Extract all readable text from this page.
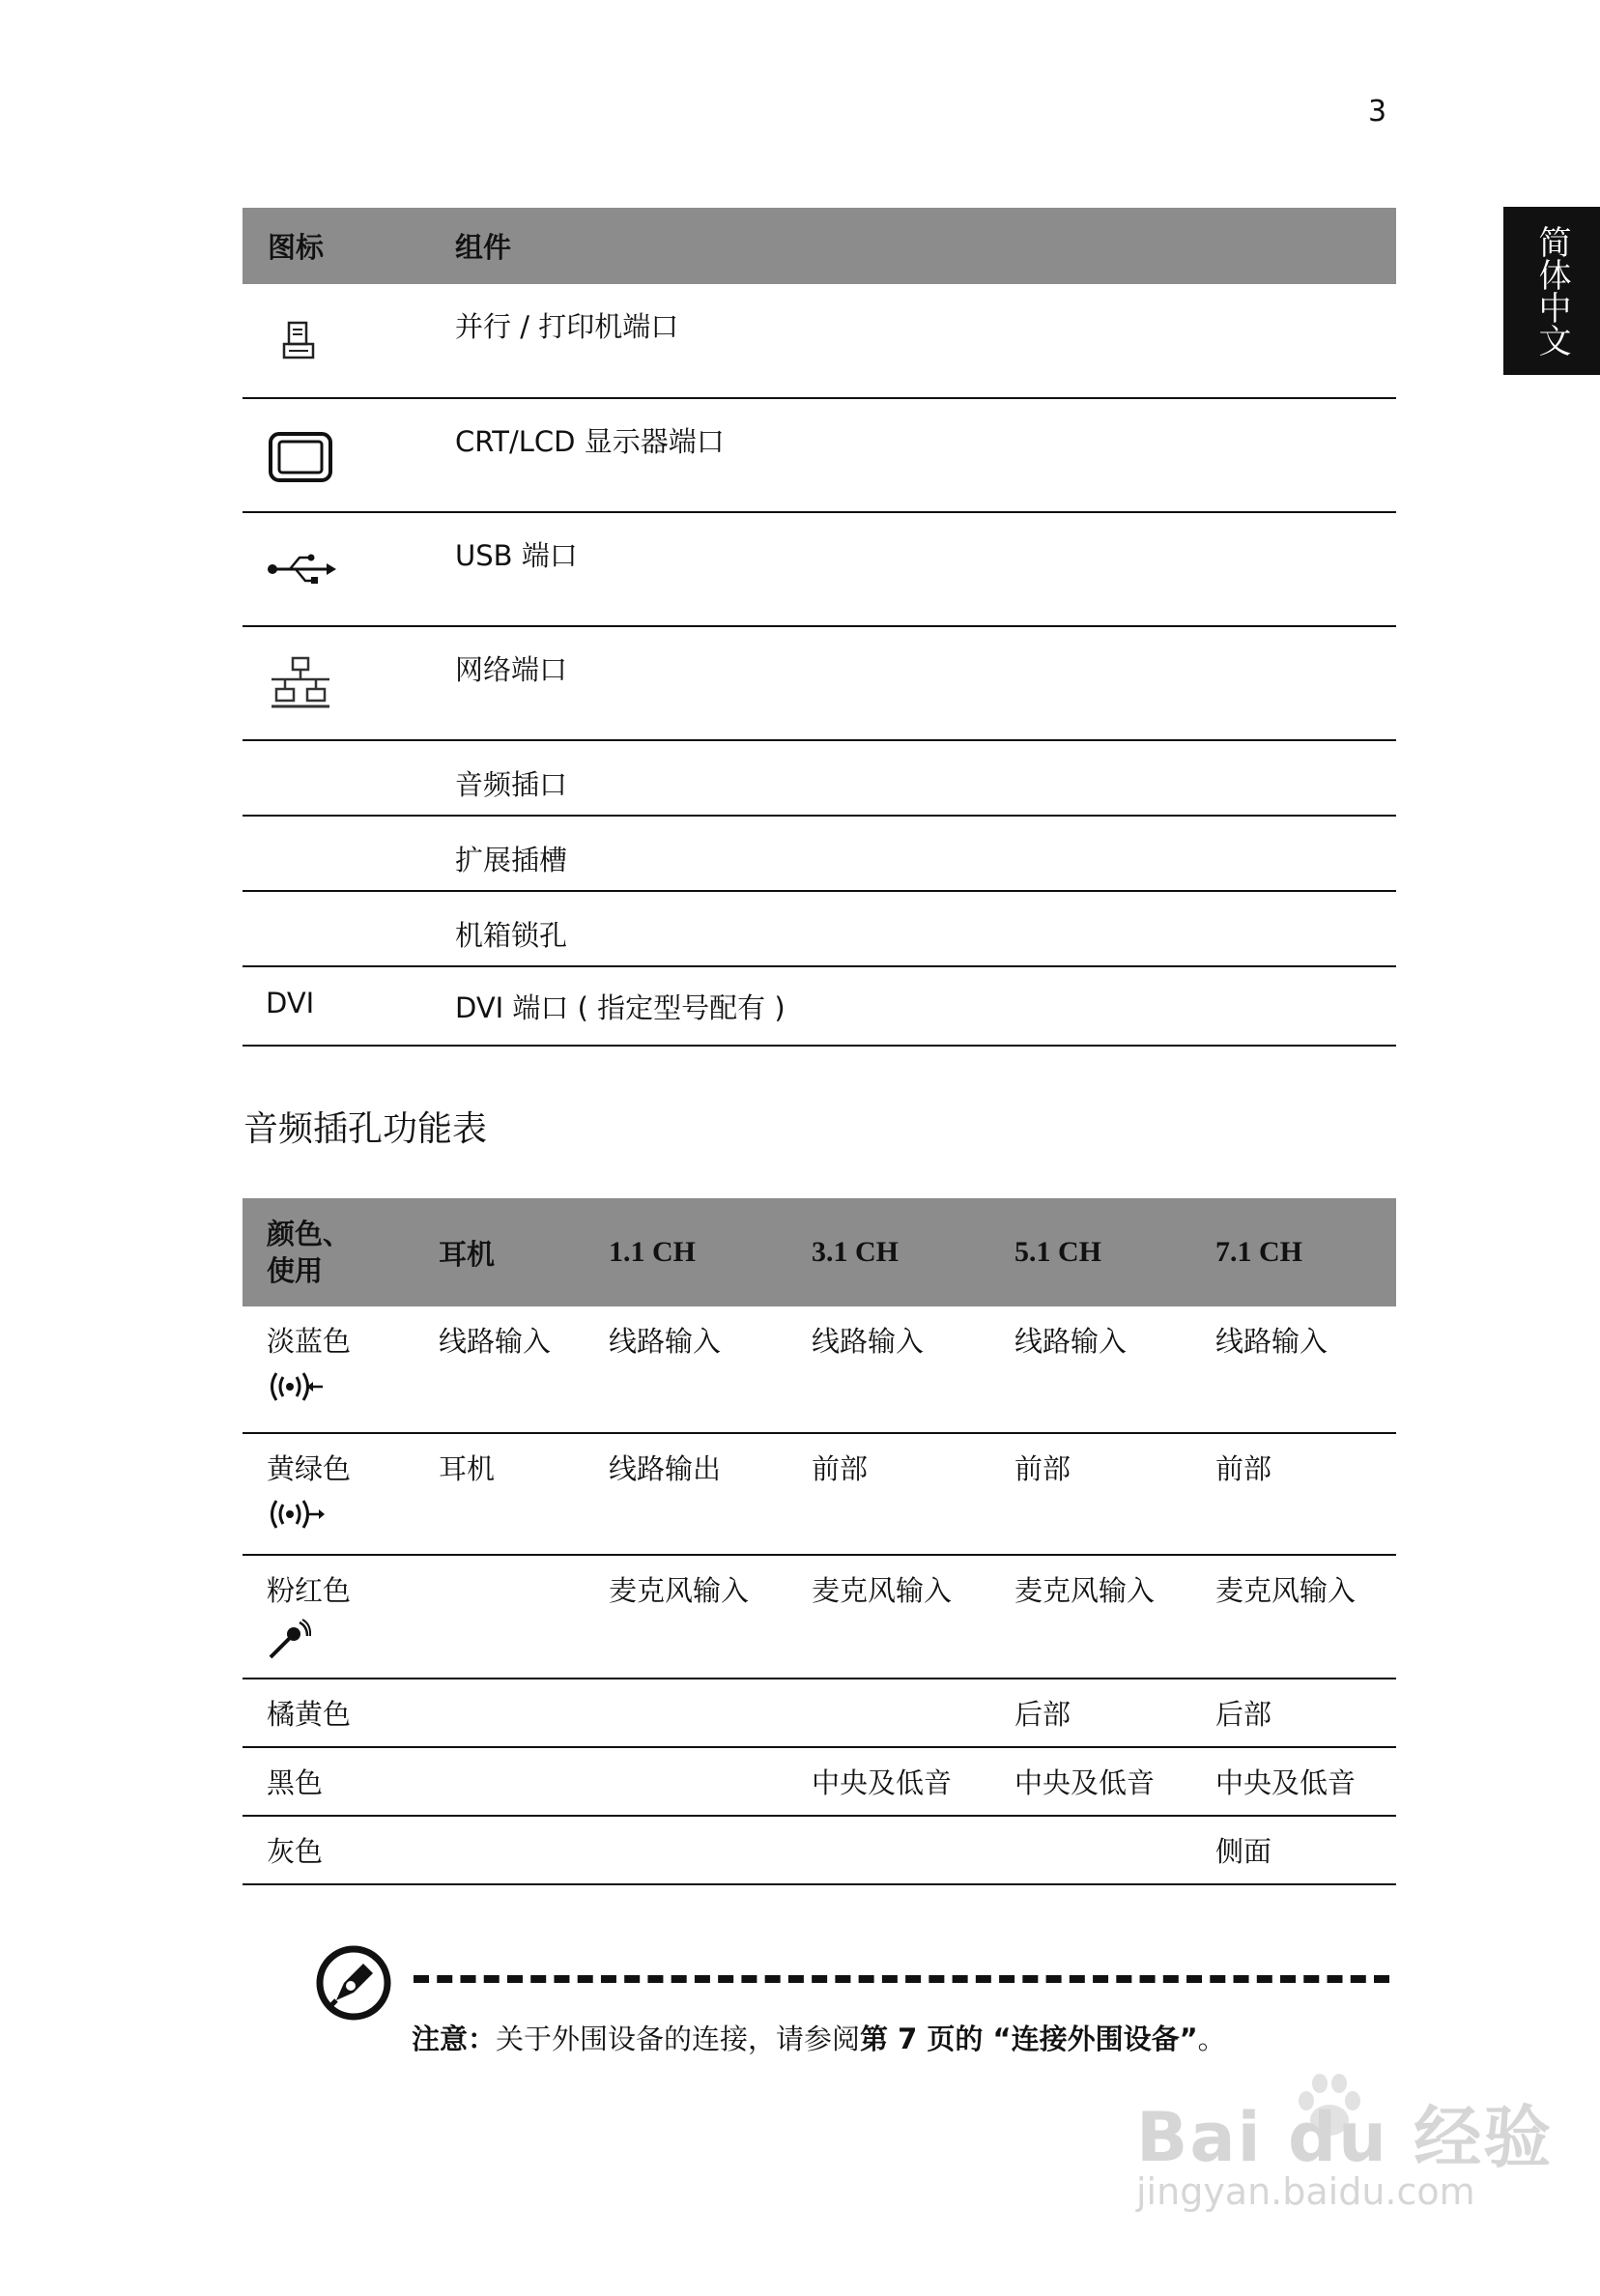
3
简体中文
图标	组件

	并行 / 打印机端口

	CRT/LCD 显示器端口

	USB 端口

	网络端口
	音频插口
	扩展插槽
	机箱锁孔
DVI	DVI 端口 ( 指定型号配有 )
音频插孔功能表
颜色、
使用	耳机	1.1 CH	3.1 CH	5.1 CH	7.1 CH
淡蓝色	线路输入	线路输入	线路输入	线路输入	线路输入
黄绿色	耳机	线路输出	前部	前部	前部
粉红色		麦克风输入	麦克风输入	麦克风输入	麦克风输入
橘黄色				后部	后部
黑色			中央及低音	中央及低音	中央及低音
灰色					侧面
注意：关于外围设备的连接，请参阅第 7 页的 “连接外围设备”。
Bai du 经验
jingyan.baidu.com
